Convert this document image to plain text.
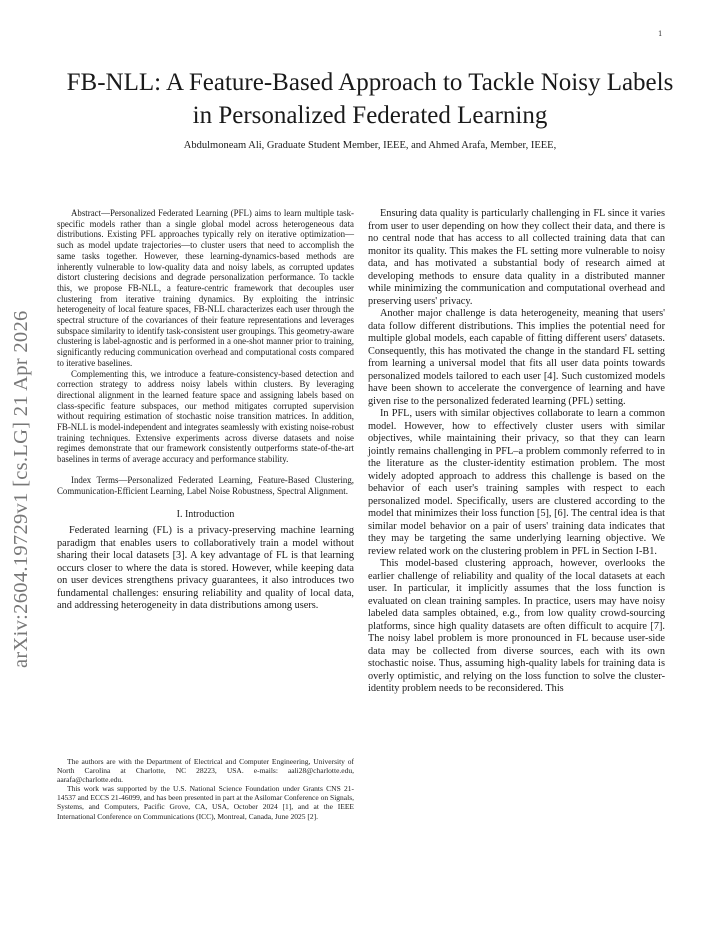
1
arXiv:2604.19729v1 [cs.LG] 21 Apr 2026
FB-NLL: A Feature-Based Approach to Tackle Noisy Labels in Personalized Federated Learning
Abdulmoneam Ali, Graduate Student Member, IEEE, and Ahmed Arafa, Member, IEEE,

Abstract—Personalized Federated Learning (PFL) aims to learn multiple task-specific models rather than a single global model across heterogeneous data distributions. Existing PFL approaches typically rely on iterative optimization—such as model update trajectories—to cluster users that need to accomplish the same tasks together. However, these learning-dynamics-based methods are inherently vulnerable to low-quality data and noisy labels, as corrupted updates distort clustering decisions and degrade personalization performance. To tackle this, we propose FB-NLL, a feature-centric framework that decouples user clustering from iterative training dynamics. By exploiting the intrinsic heterogeneity of local feature spaces, FB-NLL characterizes each user through the spectral structure of the covariances of their feature representations and leverages subspace similarity to identify task-consistent user groupings. This geometry-aware clustering is label-agnostic and is performed in a one-shot manner prior to training, significantly reducing communication overhead and computational costs compared to iterative baselines.

Complementing this, we introduce a feature-consistency-based detection and correction strategy to address noisy labels within clusters. By leveraging directional alignment in the learned feature space and assigning labels based on class-specific feature subspaces, our method mitigates corrupted supervision without requiring estimation of stochastic noise transition matrices. In addition, FB-NLL is model-independent and integrates seamlessly with existing noise-robust training techniques. Extensive experiments across diverse datasets and noise regimes demonstrate that our framework consistently outperforms state-of-the-art baselines in terms of average accuracy and performance stability.

Index Terms—Personalized Federated Learning, Feature-Based Clustering, Communication-Efficient Learning, Label Noise Robustness, Spectral Alignment.

I. Introduction

Federated learning (FL) is a privacy-preserving machine learning paradigm that enables users to collaboratively train a model without sharing their local datasets [3]. A key advantage of FL is that learning occurs closer to where the data is stored. However, while keeping data on user devices strengthens privacy guarantees, it also introduces two fundamental challenges: ensuring reliability and quality of local data, and addressing heterogeneity in data distributions among users.

The authors are with the Department of Electrical and Computer Engineering, University of North Carolina at Charlotte, NC 28223, USA. e-mails: aali28@charlotte.edu, aarafa@charlotte.edu.

This work was supported by the U.S. National Science Foundation under Grants CNS 21-14537 and ECCS 21-46099, and has been presented in part at the Asilomar Conference on Signals, Systems, and Computers, Pacific Grove, CA, USA, October 2024 [1], and at the IEEE International Conference on Communications (ICC), Montreal, Canada, June 2025 [2].

Ensuring data quality is particularly challenging in FL since it varies from user to user depending on how they collect their data, and there is no central node that has access to all collected training data that can monitor its quality. This makes the FL setting more vulnerable to noisy data, and has motivated a substantial body of research aimed at developing methods to ensure data quality in a distributed manner while minimizing the communication and computational overhead and preserving users' privacy.

Another major challenge is data heterogeneity, meaning that users' data follow different distributions. This implies the potential need for multiple global models, each capable of fitting different users' datasets. Consequently, this has motivated the change in the standard FL setting from learning a universal model that fits all user data points towards personalized models tailored to each user [4]. Such customized models have been shown to accelerate the convergence of learning and have given rise to the personalized federated learning (PFL) setting.

In PFL, users with similar objectives collaborate to learn a common model. However, how to effectively cluster users with similar objectives, while maintaining their privacy, so that they can learn jointly remains challenging in PFL–a problem commonly referred to in the literature as the cluster-identity estimation problem. The most widely adopted approach to address this challenge is based on the behavior of each user's training samples with respect to each personalized model. Specifically, users are clustered according to the model that minimizes their loss function [5], [6]. The central idea is that similar model behavior on a pair of users' training data indicates that they may be targeting the same underlying learning objective. We review related work on the clustering problem in PFL in Section I-B1.

This model-based clustering approach, however, overlooks the earlier challenge of reliability and quality of the local datasets at each user. In particular, it implicitly assumes that the loss function is evaluated on clean training samples. In practice, users may have noisy labeled data samples obtained, e.g., from low quality crowd-sourcing platforms, since high quality datasets are often difficult to acquire [7]. The noisy label problem is more pronounced in FL because user-side data may be collected from diverse sources, each with its own stochastic noise. Thus, assuming high-quality labels for training data is overly optimistic, and relying on the loss function to solve the cluster-identity problem needs to be reconsidered. This
